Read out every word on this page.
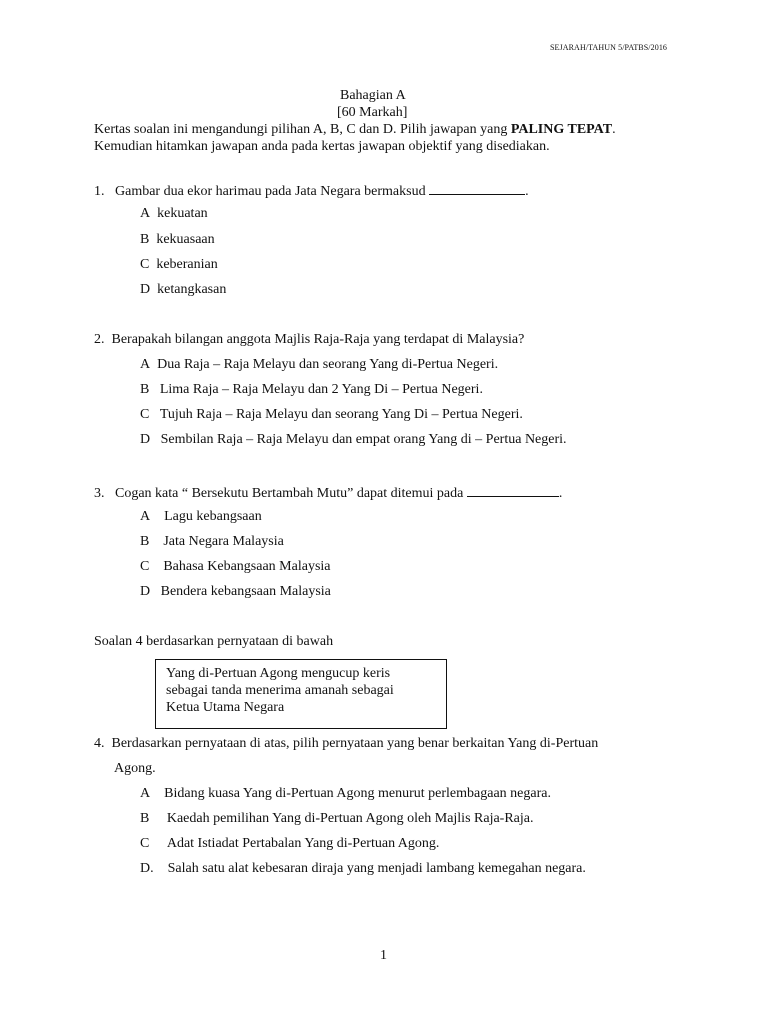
SEJARAH/TAHUN 5/PATBS/2016
Bahagian A
[60 Markah]
Kertas soalan ini mengandungi pilihan A, B, C dan D. Pilih jawapan yang PALING TEPAT.
Kemudian hitamkan jawapan anda pada kertas jawapan objektif yang disediakan.
1. Gambar dua ekor harimau pada Jata Negara bermaksud	.
A kekuatan
B kekuasaan
C keberanian
D ketangkasan
2. Berapakah bilangan anggota Majlis Raja-Raja yang terdapat di Malaysia?
A Dua Raja – Raja Melayu dan seorang Yang di-Pertua Negeri.
B Lima Raja – Raja Melayu dan 2 Yang Di – Pertua Negeri.
C Tujuh Raja – Raja Melayu dan seorang Yang Di – Pertua Negeri.
D Sembilan Raja – Raja Melayu dan empat orang Yang di – Pertua Negeri.
3. Cogan kata “ Bersekutu Bertambah Mutu” dapat ditemui pada	.
A Lagu kebangsaan
B Jata Negara Malaysia
C Bahasa Kebangsaan Malaysia
D Bendera kebangsaan Malaysia
Soalan 4 berdasarkan pernyataan di bawah
Yang di-Pertuan Agong mengucup keris
sebagai tanda menerima amanah sebagai
Ketua Utama Negara
4. Berdasarkan pernyataan di atas, pilih pernyataan yang benar berkaitan Yang di-Pertuan
Agong.
A Bidang kuasa Yang di-Pertuan Agong menurut perlembagaan negara.
B Kaedah pemilihan Yang di-Pertuan Agong oleh Majlis Raja-Raja.
C Adat Istiadat Pertabalan Yang di-Pertuan Agong.
D. Salah satu alat kebesaran diraja yang menjadi lambang kemegahan negara.
1
